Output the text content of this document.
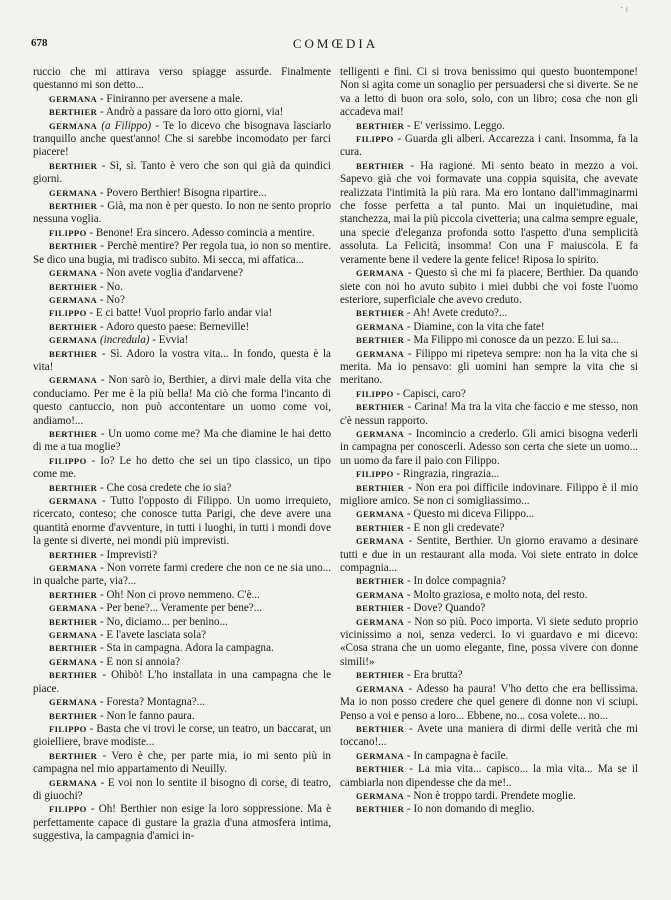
678	COMŒDIA
˙ ᴵ

ruccio che mi attirava verso spiagge assurde. Finalmente questanno mi son detto...

GERMANA - Finiranno per aversene a male.

BERTHIER - Andrò a passare da loro otto giorni, via!

GERMANA (a Filippo) - Te lo dicevo che bisognava lasciarlo tranquillo anche quest'anno! Che si sarebbe incomodato per farci piacere!

BERTHIER - Sì, sì. Tanto è vero che son qui già da quindici giorni.

GERMANA - Povero Berthier! Bisogna ripartire...

BERTHIER - Già, ma non è per questo. Io non ne sento proprio nessuna voglia.

FILIPPO - Benone! Era sincero. Adesso comincia a mentire.

BERTHIER - Perchè mentire? Per regola tua, io non so mentire. Se dico una bugia, mi tradisco subito. Mi secca, mi affatica...

GERMANA - Non avete voglia d'andarvene?

BERTHIER - No.

GERMANA - No?

FILIPPO - E ci batte! Vuol proprio farlo andar via!

BERTHIER - Adoro questo paese: Berneville!

GERMANA (incredula) - Evvia!

BERTHIER - Sì. Adoro la vostra vita... In fondo, questa è la vita!

GERMANA - Non sarò io, Berthier, a dirvi male della vita che conduciamo. Per me è la più bella! Ma ciò che forma l'incanto di questo cantuccio, non può accontentare un uomo come voi, andiamo!...

BERTHIER - Un uomo come me? Ma che diamine le hai detto di me a tua moglie?

FILIPPO - Io? Le ho detto che sei un tipo classico, un tipo come me.

BERTHIER - Che cosa credete che io sia?

GERMANA - Tutto l'opposto di Filippo. Un uomo irrequieto, ricercato, conteso; che conosce tutta Parigi, che deve avere una quantità enorme d'avventure, in tutti i luoghi, in tutti i mondi dove la gente si diverte, nei mondi più imprevisti.

BERTHIER - Imprevisti?

GERMANA - Non vorrete farmi credere che non ce ne sia uno... in qualche parte, via?...

BERTHIER - Oh! Non ci provo nemmeno. C'è...

GERMANA - Per bene?... Veramente per bene?...

BERTHIER - No, diciamo... per benino...

GERMANA - E l'avete lasciata sola?

BERTHIER - Sta in campagna. Adora la campagna.

GERMANA - E non si annoia?

BERTHIER - Ohibò! L'ho installata in una campagna che le piace.

GERMANA - Foresta? Montagna?...

BERTHIER - Non le fanno paura.

FILIPPO - Basta che vi trovi le corse, un teatro, un baccarat, un gioielliere, brave modiste...

BERTHIER - Vero è che, per parte mia, io mi sento più in campagna nel mio appartamento di Neuilly.

GERMANA - E voi non lo sentite il bisogno di corse, di teatro, di giuochi?

FILIPPO - Oh! Berthier non esige la loro soppressione. Ma è perfettamente capace di gustare la grazia d'una atmosfera intima, suggestiva, la campagnia d'amici in-

telligenti e fini. Ci si trova benissimo qui questo buontempone! Non si agita come un sonaglio per persuadersi che si diverte. Se ne va a letto di buon ora solo, solo, con un libro; cosa che non gli accadeva mai!

BERTHIER - E' verissimo. Leggo.

FILIPPO - Guarda gli alberi. Accarezza i cani. Insomma, fa la cura.

BERTHIER - Ha ragione. Mi sento beato in mezzo a voi. Sapevo già che voi formavate una coppia squisita, che avevate realizzata l'intimità la più rara. Ma ero lontano dall'immaginarmi che fosse perfetta a tal punto. Mai un inquietudine, mai stanchezza, mai la più piccola civetteria; una calma sempre eguale, una specie d'eleganza profonda sotto l'aspetto d'una semplicità assoluta. La Felicità, insomma! Con una F maiuscola. E fa veramente bene il vedere la gente felice! Riposa lo spirito.

GERMANA - Questo sì che mi fa piacere, Berthier. Da quando siete con noi ho avuto subito i miei dubbi che voi foste l'uomo esteriore, superficiale che avevo creduto.

BERTHIER - Ah! Avete creduto?...

GERMANA - Diamine, con la vita che fate!

BERTHIER - Ma Filippo mi conosce da un pezzo. E lui sa...

GERMANA - Filippo mi ripeteva sempre: non ha la vita che si merita. Ma io pensavo: gli uomini han sempre la vita che si meritano.

FILIPPO - Capisci, caro?

BERTHIER - Carina! Ma tra la vita che faccio e me stesso, non c'è nessun rapporto.

GERMANA - Incomincio a crederlo. Gli amici bisogna vederli in campagna per conoscerli. Adesso son certa che siete un uomo... un uomo da fare il paio con Filippo.

FILIPPO - Ringrazia, ringrazia...

BERTHIER - Non era poi difficile indovinare. Filippo è il mio migliore amico. Se non ci somigliassimo...

GERMANA - Questo mi diceva Filippo...

BERTHIER - E non gli credevate?

GERMANA - Sentite, Berthier. Un giorno eravamo a desinare tutti e due in un restaurant alla moda. Voi siete entrato in dolce compagnia...

BERTHIER - In dolce compagnia?

GERMANA - Molto graziosa, e molto nota, del resto.

BERTHIER - Dove? Quando?

GERMANA - Non so più. Poco importa. Vi siete seduto proprio vicinissimo a noi, senza vederci. Io vi guardavo e mi dicevo: «Cosa strana che un uomo elegante, fine, possa vivere con donne simili!»

BERTHIER - Era brutta?

GERMANA - Adesso ha paura! V'ho detto che era bellissima. Ma io non posso credere che quel genere di donne non vi sciupi. Penso a voi e penso a loro... Ebbene, no... cosa volete... no...

BERTHIER - Avete una maniera di dirmi delle verità che mi toccano!...

GERMANA - In campagna è facile.

BERTHIER - La mia vita... capisco... la mia vita... Ma se il cambiarla non dipendesse che da me!..

GERMANA - Non è troppo tardi. Prendete moglie.

BERTHIER - Io non domando di meglio.
